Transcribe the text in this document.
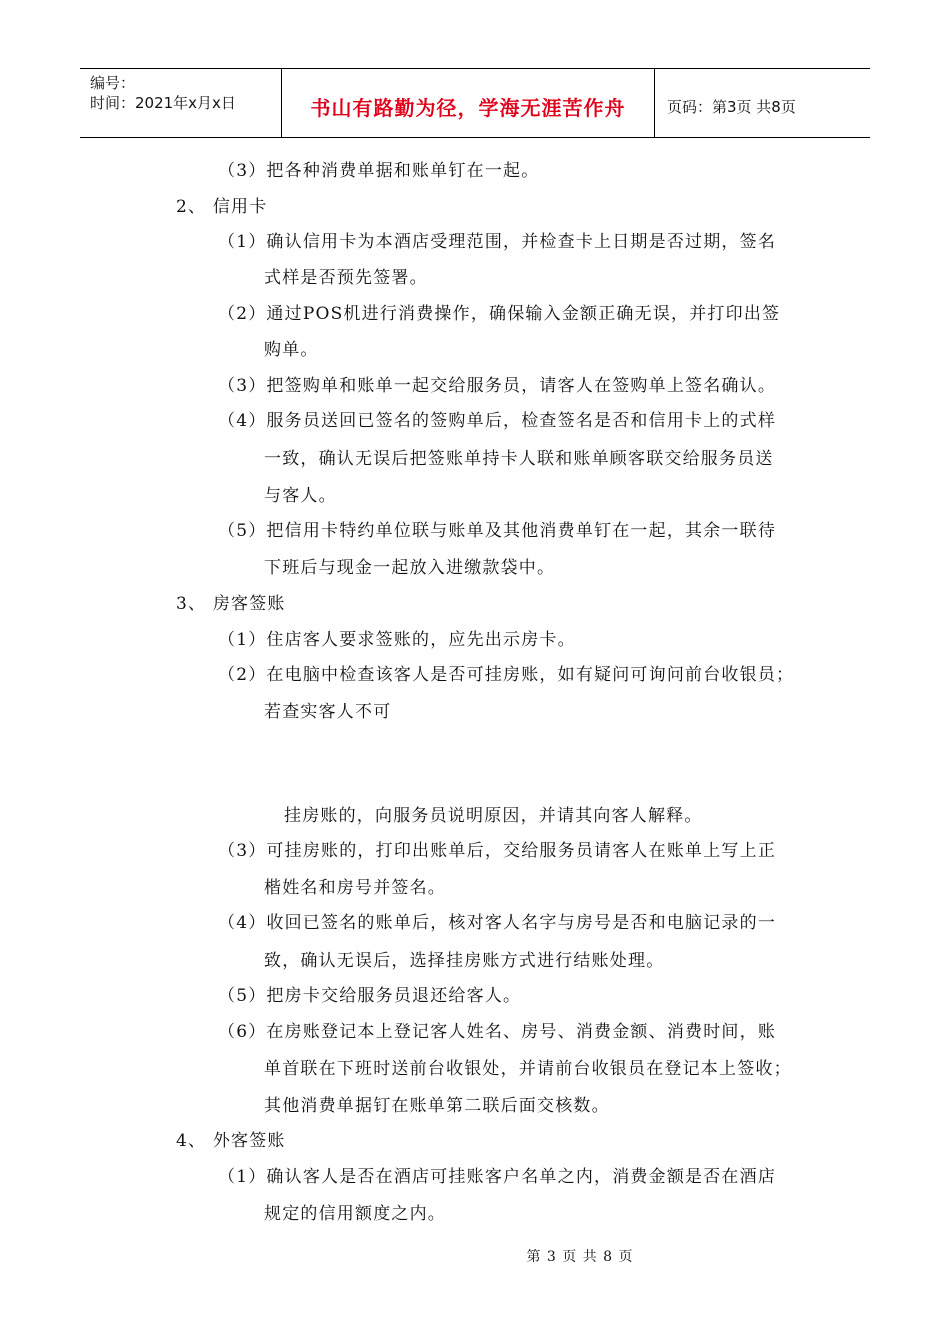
编号：
时间：2021年x月x日	书山有路勤为径，学海无涯苦作舟	页码：第3页 共8页
（3）把各种消费单据和账单钉在一起。
2、 信用卡
（1）确认信用卡为本酒店受理范围，并检查卡上日期是否过期，签名
式样是否预先签署。
（2）通过POS机进行消费操作，确保输入金额正确无误，并打印出签
购单。
（3）把签购单和账单一起交给服务员，请客人在签购单上签名确认。
（4）服务员送回已签名的签购单后，检查签名是否和信用卡上的式样
一致，确认无误后把签账单持卡人联和账单顾客联交给服务员送
与客人。
（5）把信用卡特约单位联与账单及其他消费单钉在一起，其余一联待
下班后与现金一起放入进缴款袋中。
3、 房客签账
（1）住店客人要求签账的，应先出示房卡。
（2）在电脑中检查该客人是否可挂房账，如有疑问可询问前台收银员；
若查实客人不可
挂房账的，向服务员说明原因，并请其向客人解释。
（3）可挂房账的，打印出账单后，交给服务员请客人在账单上写上正
楷姓名和房号并签名。
（4）收回已签名的账单后，核对客人名字与房号是否和电脑记录的一
致，确认无误后，选择挂房账方式进行结账处理。
（5）把房卡交给服务员退还给客人。
（6）在房账登记本上登记客人姓名、房号、消费金额、消费时间，账
单首联在下班时送前台收银处，并请前台收银员在登记本上签收；
其他消费单据钉在账单第二联后面交核数。
4、 外客签账
（1）确认客人是否在酒店可挂账客户名单之内，消费金额是否在酒店
规定的信用额度之内。
第 3 页 共 8 页
